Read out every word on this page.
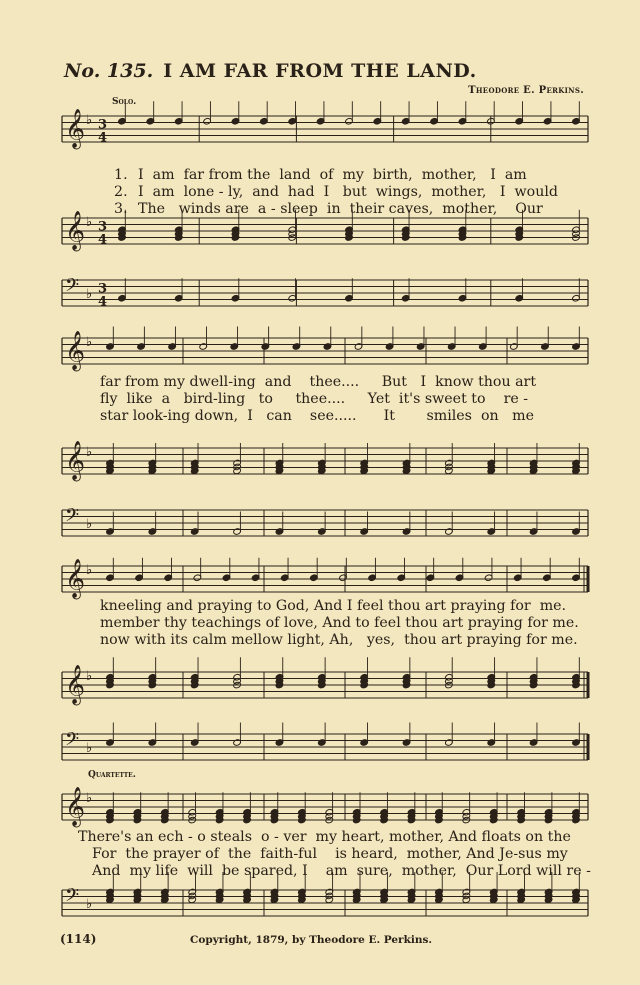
No. 135. I AM FAR FROM THE LAND.
Theodore E. Perkins.
Solo.
Quartette.
𝄞 ♭ 3
4
𝄞 ♭ 3
4
𝄢 ♭ 3
4

1. I  am  far from the  land  of  my  birth,  mother,   I  am

2. I  am  lone - ly,  and  had  I   but  wings,  mother,   I  would

3. The   winds are  a - sleep  in  their caves,  mother,    Our

𝄞 ♭
𝄞 ♭
𝄢 ♭
far from my dwell-ing  and    thee....     But   I  know thou art
fly  like  a   bird-ling   to     thee....     Yet  it's sweet to    re -
star look-ing down,  I   can    see.....      It       smiles  on   me
𝄞 ♭
𝄞 ♭
𝄢 ♭
kneeling and praying to God, And I feel thou art praying for  me.
member thy teachings of love, And to feel thou art praying for me.
now with its calm mellow light, Ah,   yes,  thou art praying for me.
𝄞 ♭
𝄢 ♭
There's an ech - o steals  o - ver  my heart, mother, And floats on the
For  the prayer of  the  faith-ful    is heard,  mother, And Je-sus my
And  my life  will  be spared, I    am  sure,  mother,  Our Lord will re -
(114)	Copyright, 1879, by Theodore E. Perkins.
